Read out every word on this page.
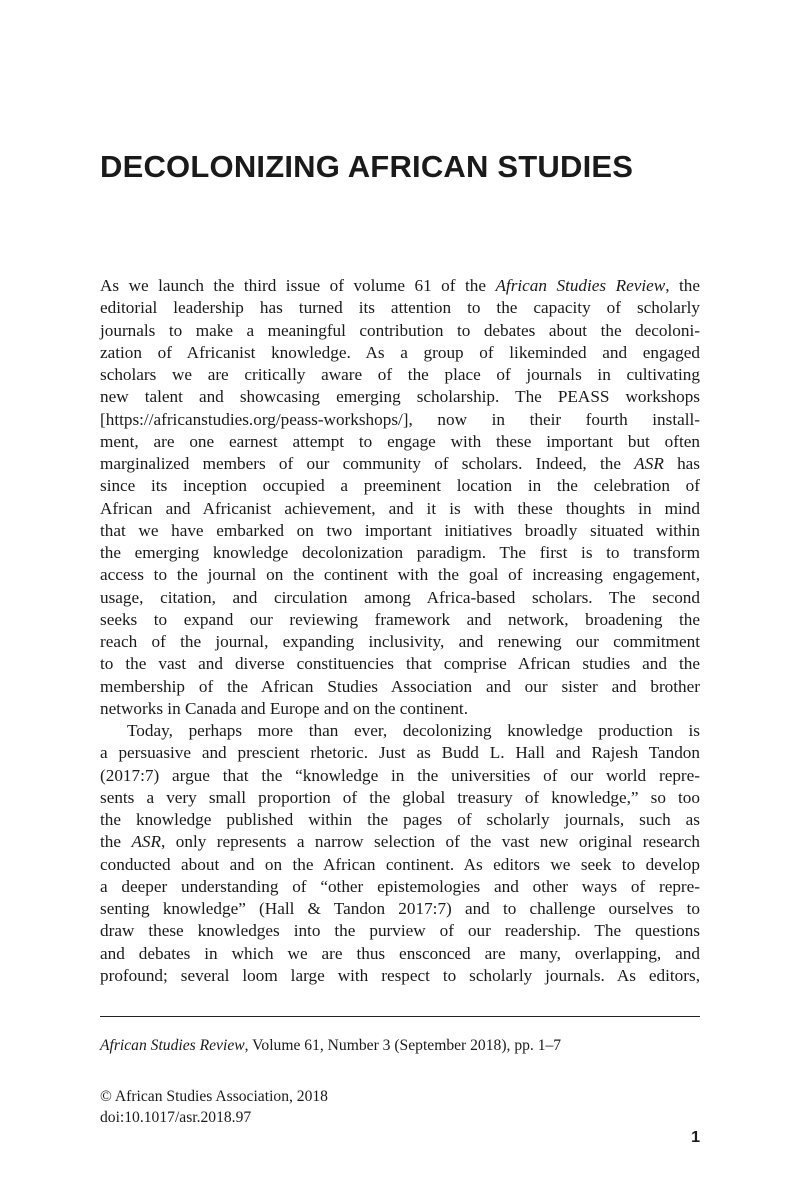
DECOLONIZING AFRICAN STUDIES
As we launch the third issue of volume 61 of the African Studies Review, the
editorial leadership has turned its attention to the capacity of scholarly
journals to make a meaningful contribution to debates about the decoloni-
zation of Africanist knowledge. As a group of likeminded and engaged
scholars we are critically aware of the place of journals in cultivating
new talent and showcasing emerging scholarship. The PEASS workshops
[https://africanstudies.org/peass-workshops/], now in their fourth install-
ment, are one earnest attempt to engage with these important but often
marginalized members of our community of scholars. Indeed, the ASR has
since its inception occupied a preeminent location in the celebration of
African and Africanist achievement, and it is with these thoughts in mind
that we have embarked on two important initiatives broadly situated within
the emerging knowledge decolonization paradigm. The first is to transform
access to the journal on the continent with the goal of increasing engagement,
usage, citation, and circulation among Africa-based scholars. The second
seeks to expand our reviewing framework and network, broadening the
reach of the journal, expanding inclusivity, and renewing our commitment
to the vast and diverse constituencies that comprise African studies and the
membership of the African Studies Association and our sister and brother
networks in Canada and Europe and on the continent.
Today, perhaps more than ever, decolonizing knowledge production is
a persuasive and prescient rhetoric. Just as Budd L. Hall and Rajesh Tandon
(2017:7) argue that the “knowledge in the universities of our world repre-
sents a very small proportion of the global treasury of knowledge,” so too
the knowledge published within the pages of scholarly journals, such as
the ASR, only represents a narrow selection of the vast new original research
conducted about and on the African continent. As editors we seek to develop
a deeper understanding of “other epistemologies and other ways of repre-
senting knowledge” (Hall & Tandon 2017:7) and to challenge ourselves to
draw these knowledges into the purview of our readership. The questions
and debates in which we are thus ensconced are many, overlapping, and
profound; several loom large with respect to scholarly journals. As editors,
African Studies Review, Volume 61, Number 3 (September 2018), pp. 1–7
© African Studies Association, 2018
doi:10.1017/asr.2018.97
1
